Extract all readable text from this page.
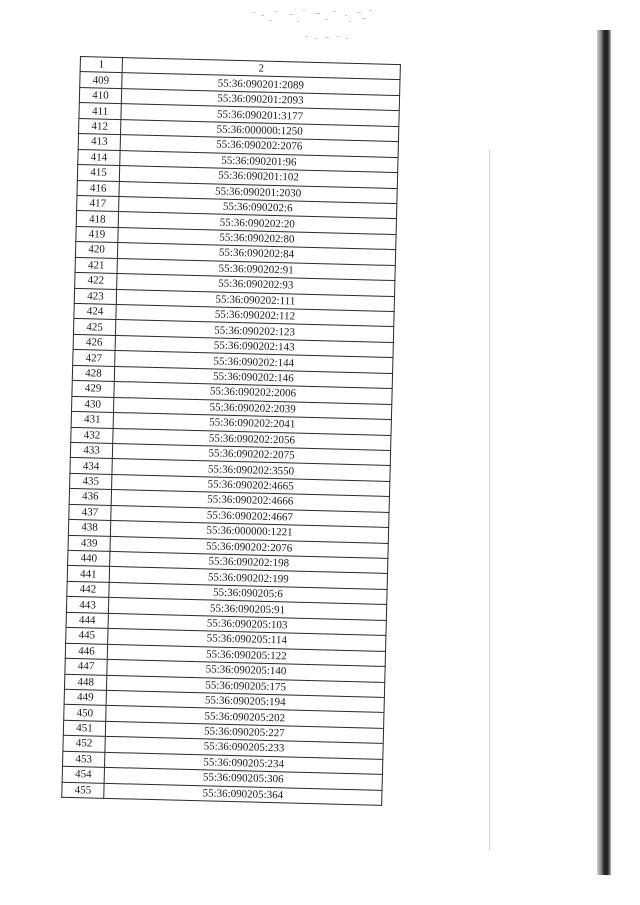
1	2
409	55:36:090201:2089
410	55:36:090201:2093
411	55:36:090201:3177
412	55:36:000000:1250
413	55:36:090202:2076
414	55:36:090201:96
415	55:36:090201:102
416	55:36:090201:2030
417	55:36:090202:6
418	55:36:090202:20
419	55:36:090202:80
420	55:36:090202:84
421	55:36:090202:91
422	55:36:090202:93
423	55:36:090202:111
424	55:36:090202:112
425	55:36:090202:123
426	55:36:090202:143
427	55:36:090202:144
428	55:36:090202:146
429	55:36:090202:2006
430	55:36:090202:2039
431	55:36:090202:2041
432	55:36:090202:2056
433	55:36:090202:2075
434	55:36:090202:3550
435	55:36:090202:4665
436	55:36:090202:4666
437	55:36:090202:4667
438	55:36:000000:1221
439	55:36:090202:2076
440	55:36:090202:198
441	55:36:090202:199
442	55:36:090205:6
443	55:36:090205:91
444	55:36:090205:103
445	55:36:090205:114
446	55:36:090205:122
447	55:36:090205:140
448	55:36:090205:175
449	55:36:090205:194
450	55:36:090205:202
451	55:36:090205:227
452	55:36:090205:233
453	55:36:090205:234
454	55:36:090205:306
455	55:36:090205:364
